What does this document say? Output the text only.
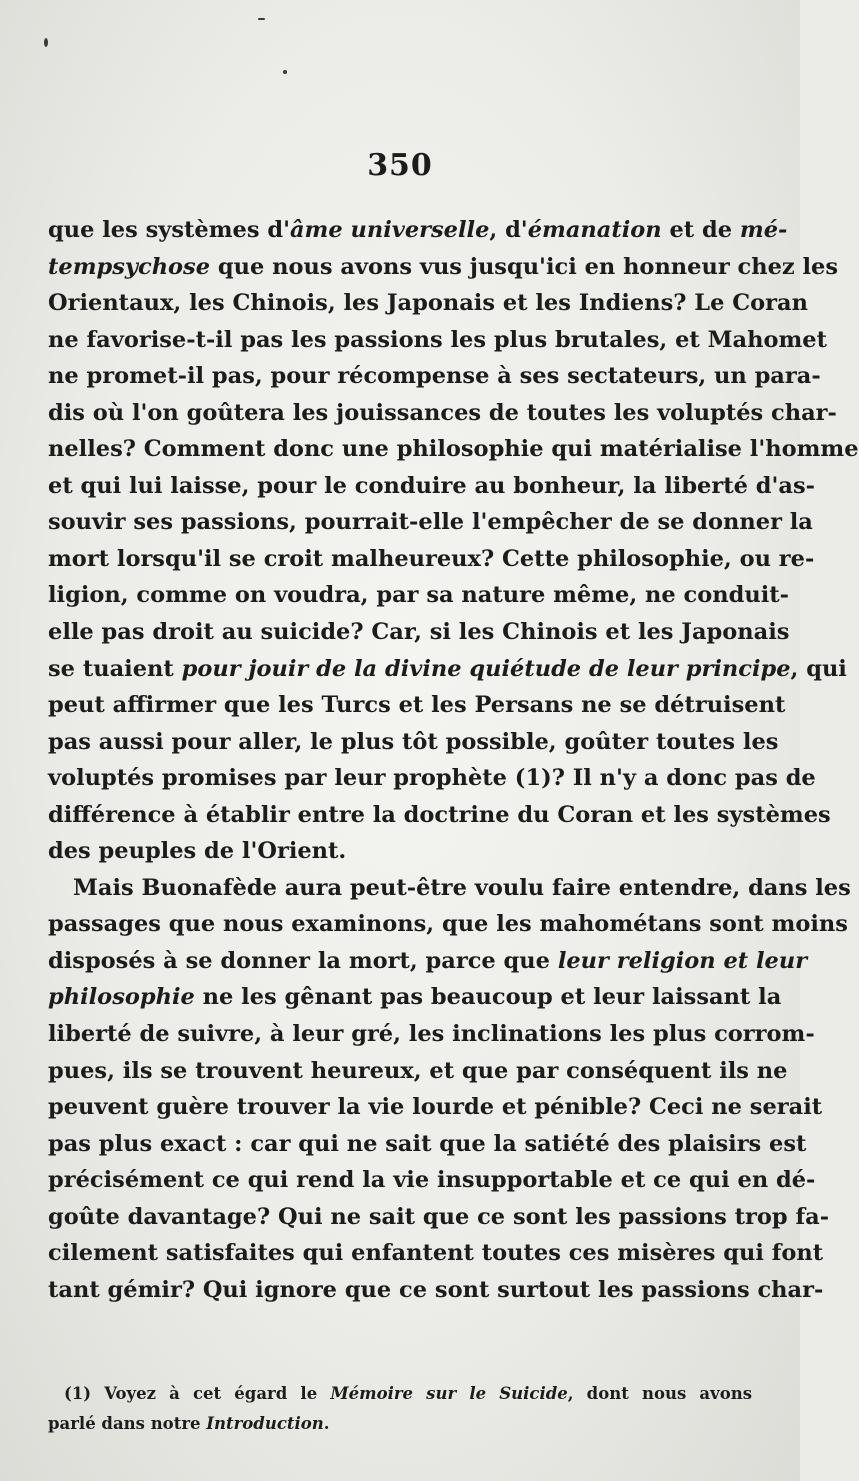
350
que les systèmes d'âme universelle, d'émanation et de mé-
tempsychose que nous avons vus jusqu'ici en honneur chez les
Orientaux, les Chinois, les Japonais et les Indiens? Le Coran
ne favorise-t-il pas les passions les plus brutales, et Mahomet
ne promet-il pas, pour récompense à ses sectateurs, un para-
dis où l'on goûtera les jouissances de toutes les voluptés char-
nelles? Comment donc une philosophie qui matérialise l'homme
et qui lui laisse, pour le conduire au bonheur, la liberté d'as-
souvir ses passions, pourrait-elle l'empêcher de se donner la
mort lorsqu'il se croit malheureux? Cette philosophie, ou re-
ligion, comme on voudra, par sa nature même, ne conduit-
elle pas droit au suicide? Car, si les Chinois et les Japonais
se tuaient pour jouir de la divine quiétude de leur principe, qui
peut affirmer que les Turcs et les Persans ne se détruisent
pas aussi pour aller, le plus tôt possible, goûter toutes les
voluptés promises par leur prophète (1)? Il n'y a donc pas de
différence à établir entre la doctrine du Coran et les systèmes
des peuples de l'Orient.
Mais Buonafède aura peut-être voulu faire entendre, dans les
passages que nous examinons, que les mahométans sont moins
disposés à se donner la mort, parce que leur religion et leur
philosophie ne les gênant pas beaucoup et leur laissant la
liberté de suivre, à leur gré, les inclinations les plus corrom-
pues, ils se trouvent heureux, et que par conséquent ils ne
peuvent guère trouver la vie lourde et pénible? Ceci ne serait
pas plus exact : car qui ne sait que la satiété des plaisirs est
précisément ce qui rend la vie insupportable et ce qui en dé-
goûte davantage? Qui ne sait que ce sont les passions trop fa-
cilement satisfaites qui enfantent toutes ces misères qui font
tant gémir? Qui ignore que ce sont surtout les passions char-
(1) Voyez à cet égard le Mémoire sur le Suicide, dont nous avons
parlé dans notre Introduction.
